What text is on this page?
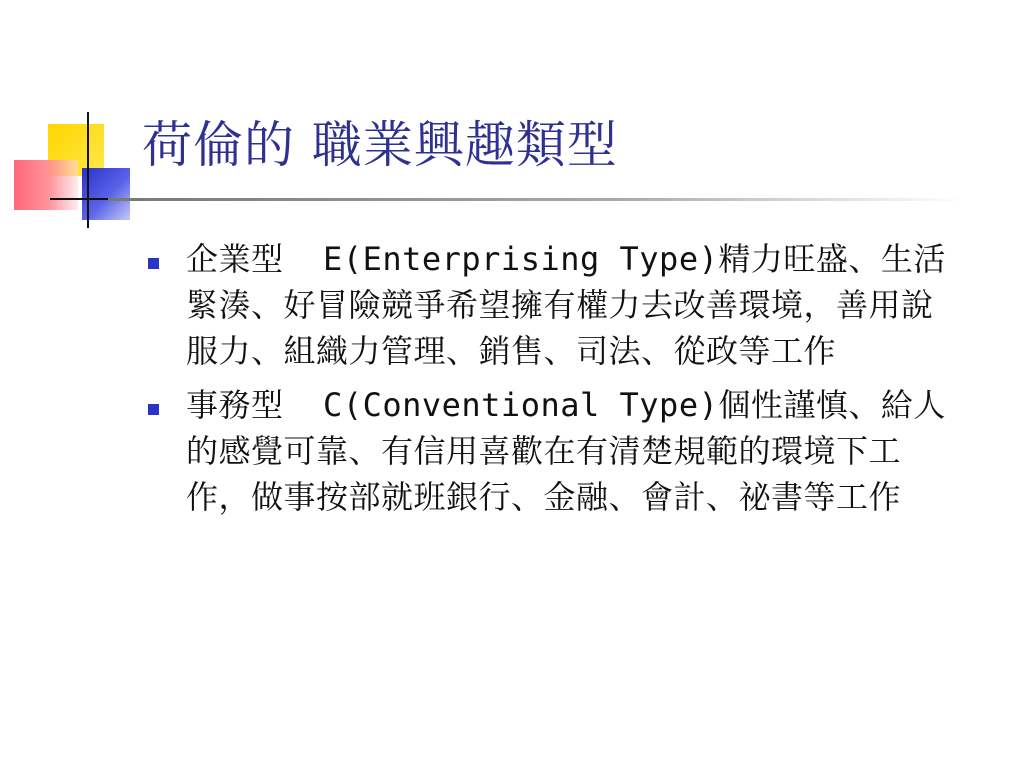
荷倫的 職業興趣類型
企業型  E(Enterprising Type)精力旺盛、生活緊湊、好冒險競爭希望擁有權力去改善環境，善用說服力、組織力管理、銷售、司法、從政等工作
事務型  C(Conventional Type)個性謹慎、給人的感覺可靠、有信用喜歡在有清楚規範的環境下工作，做事按部就班銀行、金融、會計、祕書等工作
